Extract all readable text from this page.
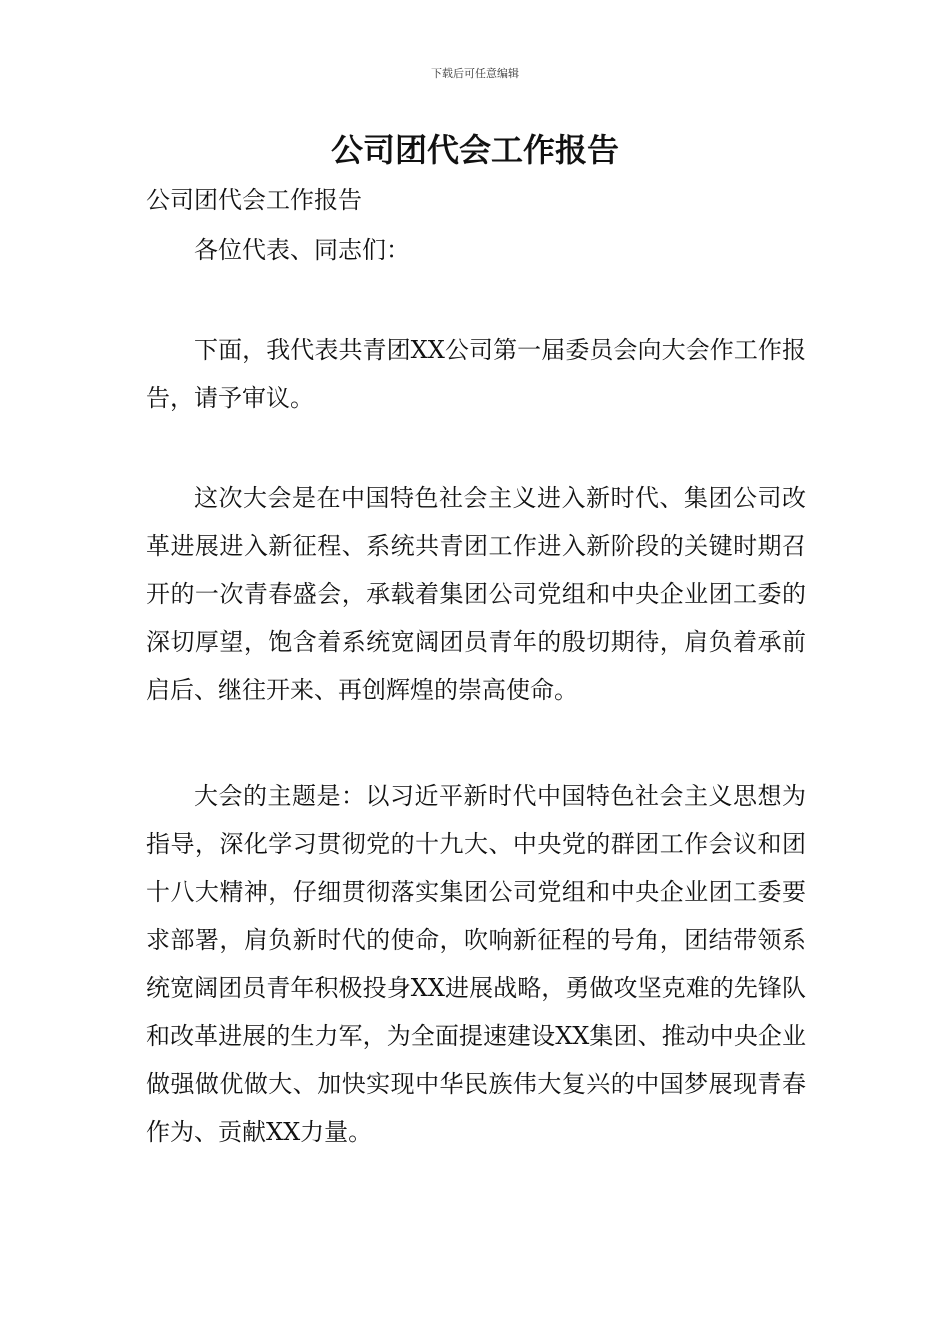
下载后可任意编辑
公司团代会工作报告

公司团代会工作报告

各位代表、同志们：

下面，我代表共青团XX公司第一届委员会向大会作工作报告，请予审议。

这次大会是在中国特色社会主义进入新时代、集团公司改革进展进入新征程、系统共青团工作进入新阶段的关键时期召开的一次青春盛会，承载着集团公司党组和中央企业团工委的深切厚望，饱含着系统宽阔团员青年的殷切期待，肩负着承前启后、继往开来、再创辉煌的崇高使命。

大会的主题是：以习近平新时代中国特色社会主义思想为指导，深化学习贯彻党的十九大、中央党的群团工作会议和团十八大精神，仔细贯彻落实集团公司党组和中央企业团工委要求部署，肩负新时代的使命，吹响新征程的号角，团结带领系统宽阔团员青年积极投身XX进展战略，勇做攻坚克难的先锋队和改革进展的生力军，为全面提速建设XX集团、推动中央企业做强做优做大、加快实现中华民族伟大复兴的中国梦展现青春作为、贡献XX力量。
